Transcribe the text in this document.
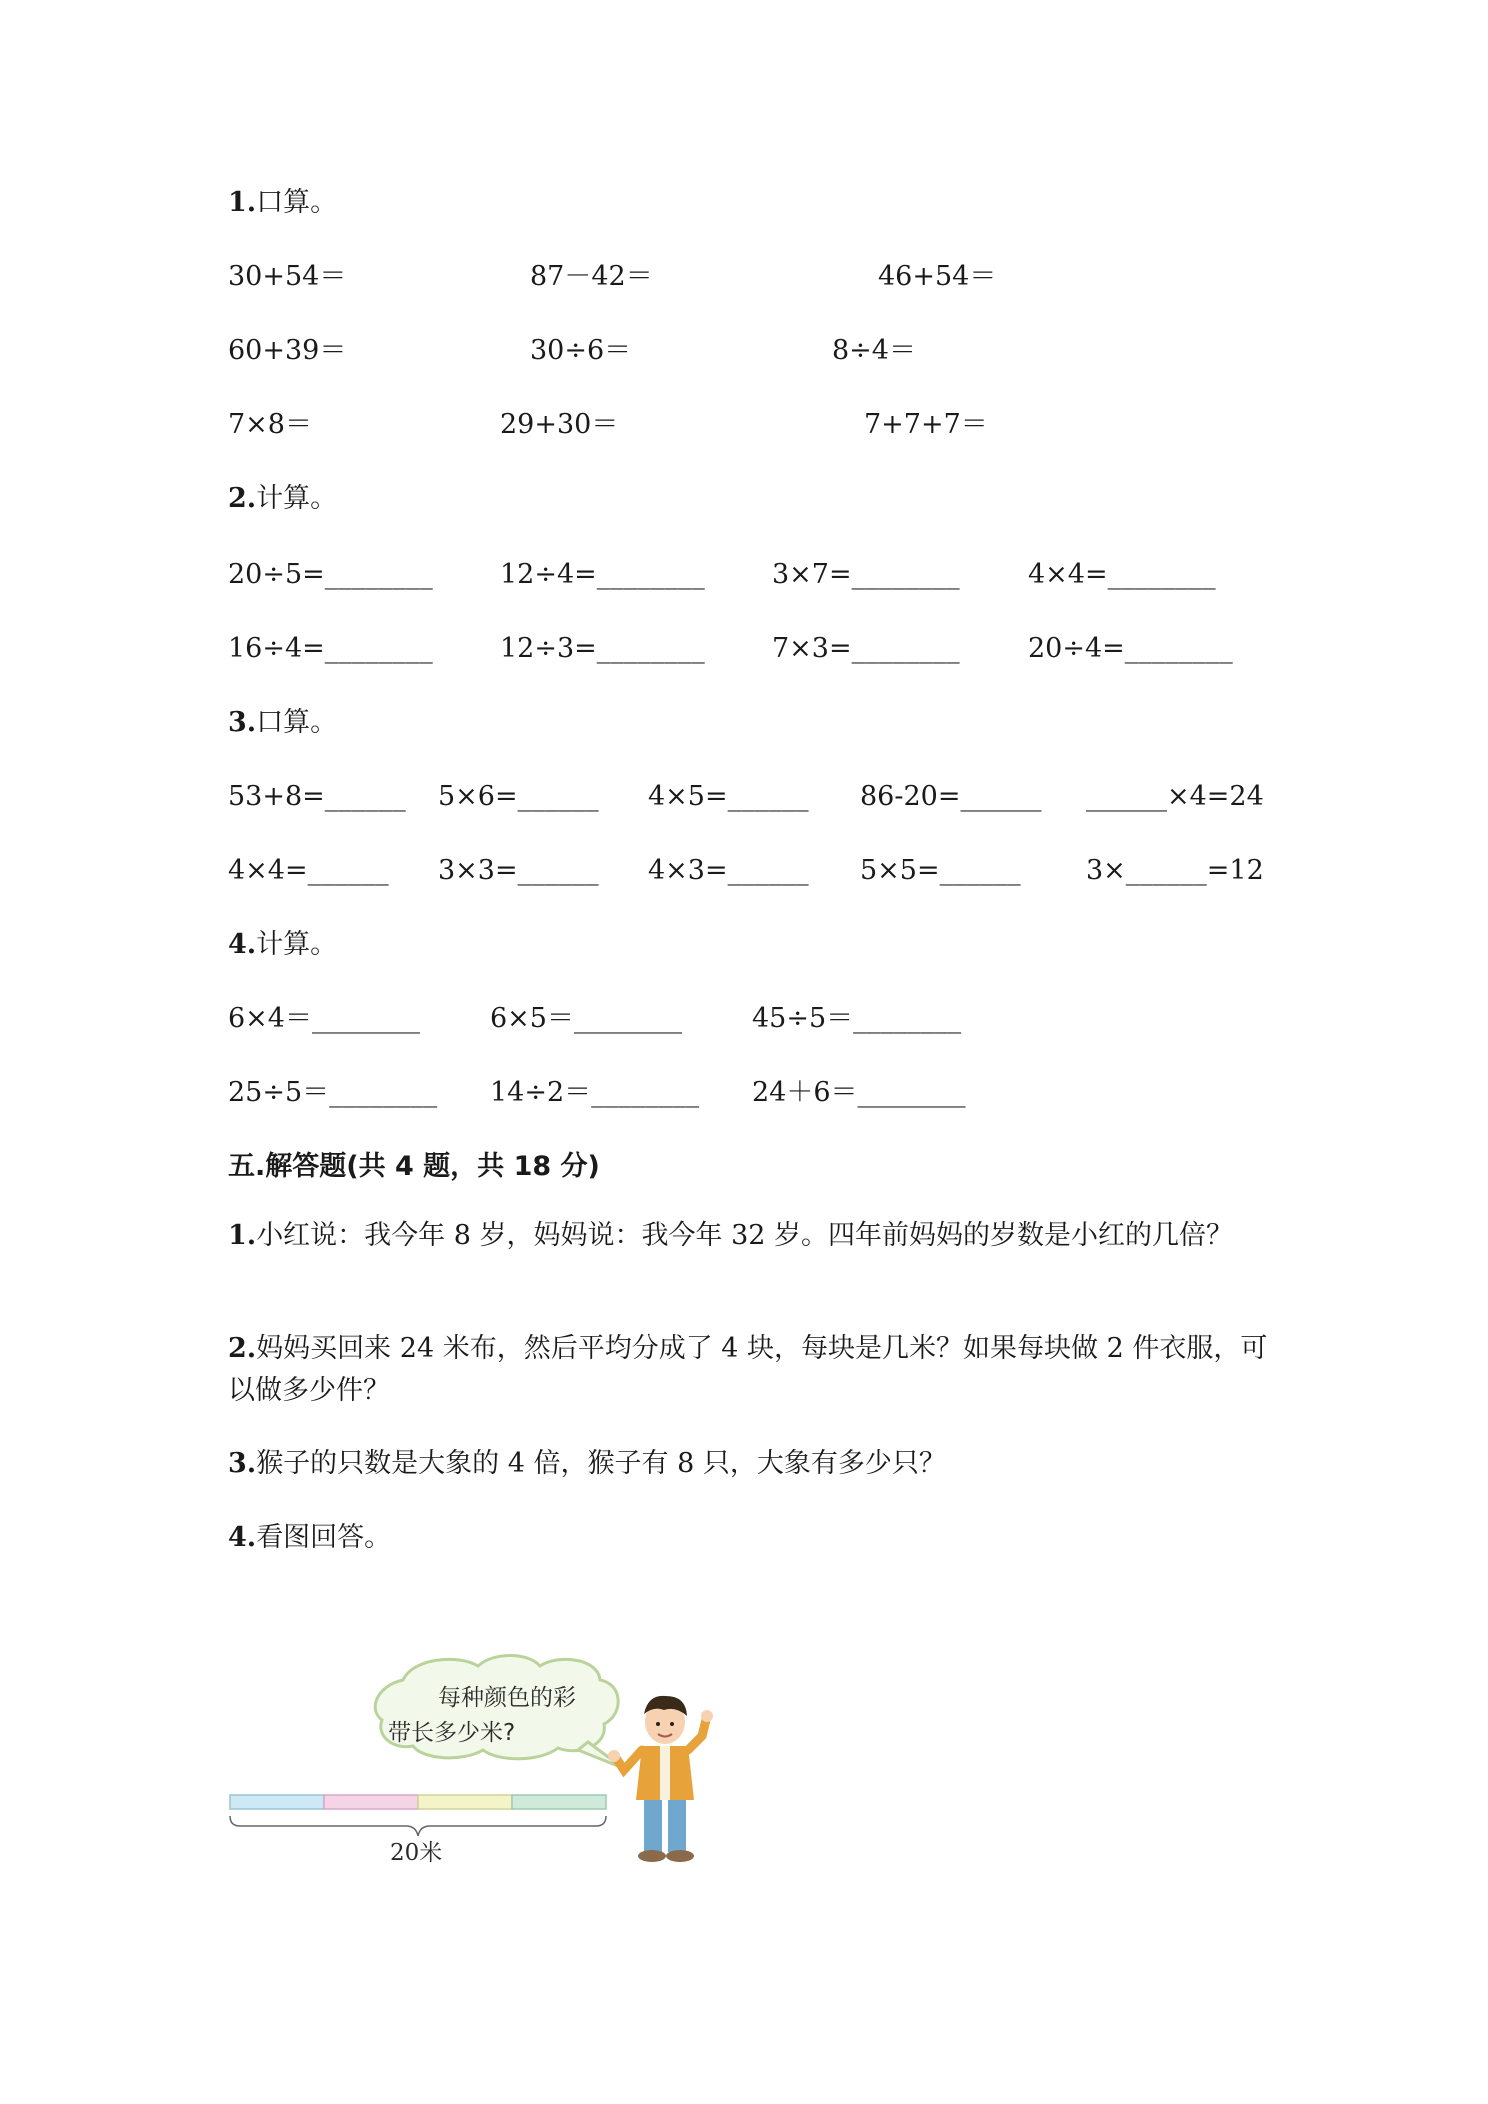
1.口算。
30+54＝	87－42＝	46+54＝
60+39＝	30÷6＝	8÷4＝
7×8＝	29+30＝	7+7+7＝
2.计算。
20÷5=________ 12÷4=________ 3×7=________	4×4=________
16÷4=________ 12÷3=________ 7×3=________	20÷4=________
3.口算。
53+8=______ 5×6=______ 4×5=______ 86-20=______ ______×4=24
4×4=______ 3×3=______ 4×3=______ 5×5=______ 3×______=12
4.计算。
6×4＝________	6×5＝________	45÷5＝________
25÷5＝________ 14÷2＝________ 24＋6＝________
五.解答题(共 4 题，共 18 分)
1.小红说：我今年 8 岁，妈妈说：我今年 32 岁。四年前妈妈的岁数是小红的几倍？
2.妈妈买回来 24 米布，然后平均分成了 4 块，每块是几米？如果每块做 2 件衣服，可以做多少件？
3.猴子的只数是大象的 4 倍，猴子有 8 只，大象有多少只？
4.看图回答。
每种颜色的彩
带长多少米?
20米
